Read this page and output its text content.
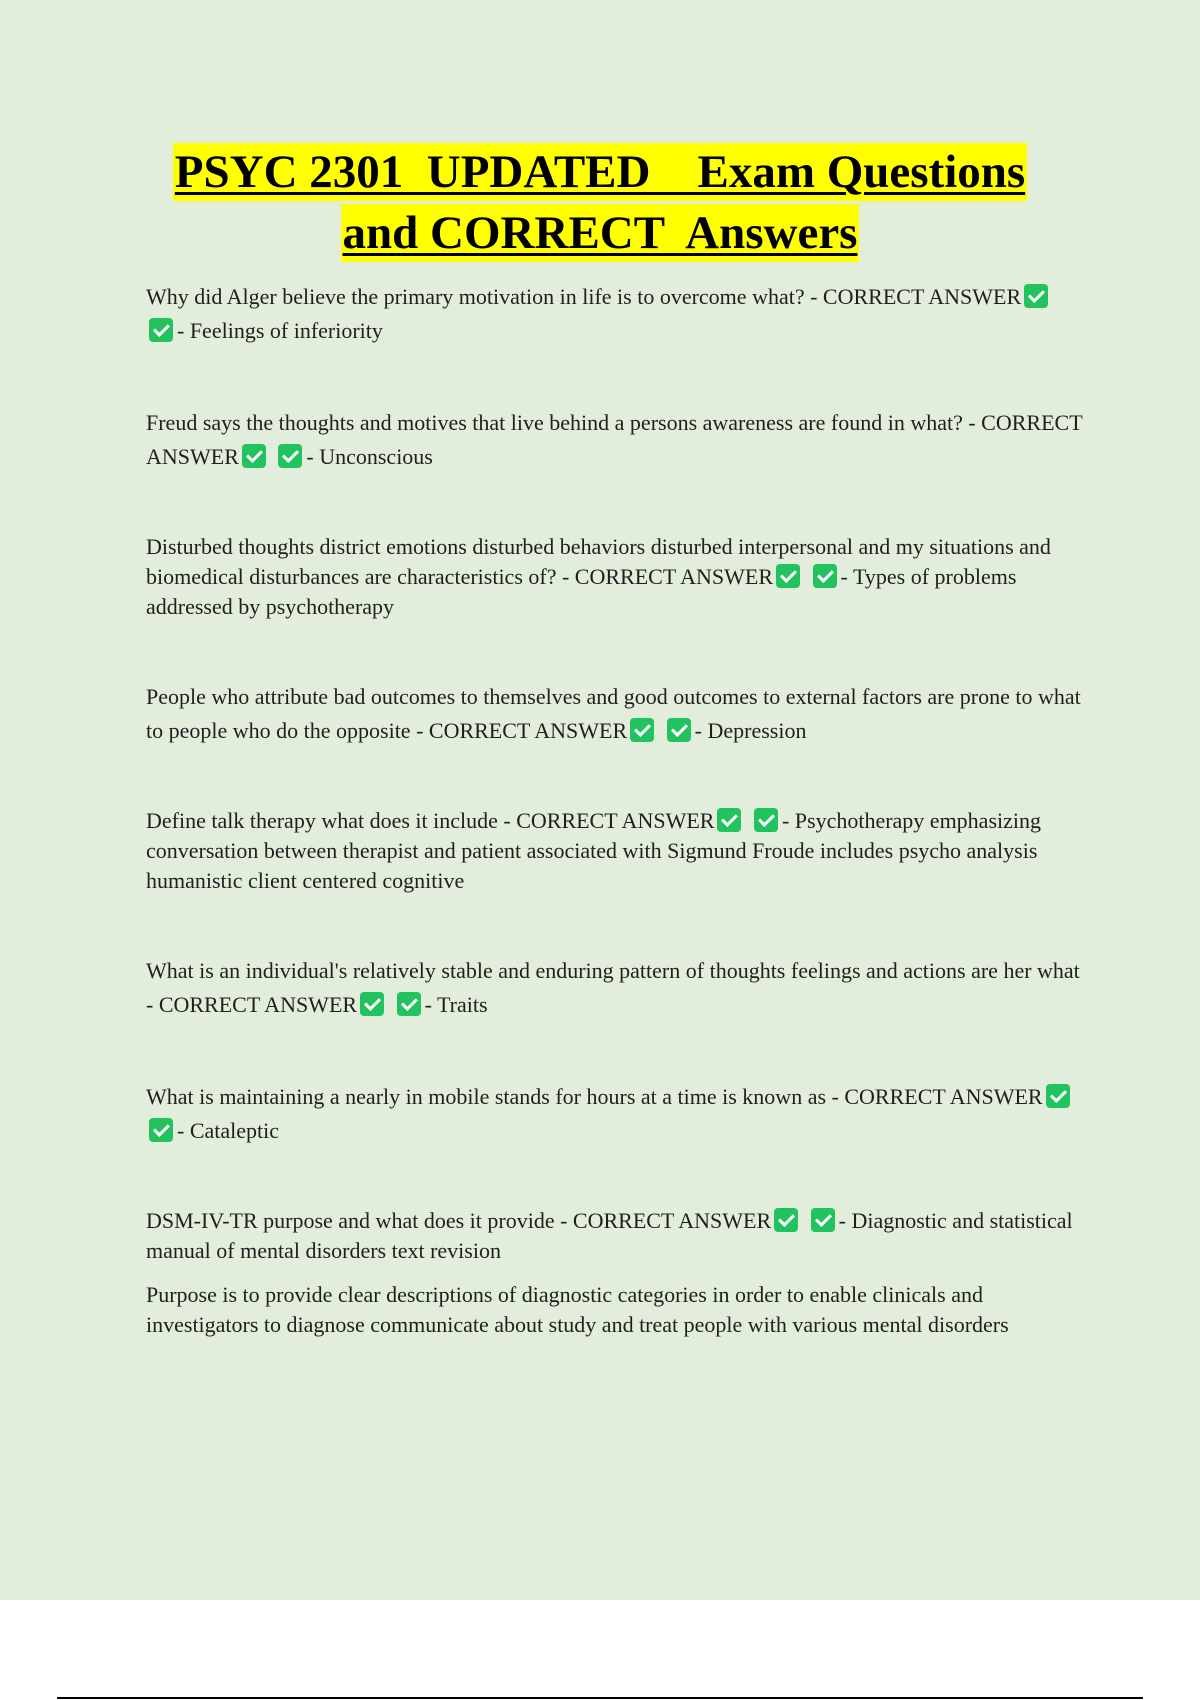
PSYC 2301  UPDATED    Exam Questions
and CORRECT  Answers

Why did Alger believe the primary motivation in life is to overcome what? - CORRECT ANSWER - Feelings of inferiority

Freud says the thoughts and motives that live behind a persons awareness are found in what? - CORRECT ANSWER	- Unconscious

Disturbed thoughts district emotions disturbed behaviors disturbed interpersonal and my situations and biomedical disturbances are characteristics of? - CORRECT ANSWER	- Types of problems addressed by psychotherapy

People who attribute bad outcomes to themselves and good outcomes to external factors are prone to what to people who do the opposite - CORRECT ANSWER	- Depression

Define talk therapy what does it include - CORRECT ANSWER	- Psychotherapy emphasizing conversation between therapist and patient associated with Sigmund Froude includes psycho analysis humanistic client centered cognitive

What is an individual's relatively stable and enduring pattern of thoughts feelings and actions are her what - CORRECT ANSWER	- Traits

What is maintaining a nearly in mobile stands for hours at a time is known as - CORRECT ANSWER - Cataleptic

DSM-IV-TR purpose and what does it provide - CORRECT ANSWER	- Diagnostic and statistical manual of mental disorders text revision

Purpose is to provide clear descriptions of diagnostic categories in order to enable clinicals and investigators to diagnose communicate about study and treat people with various mental disorders
